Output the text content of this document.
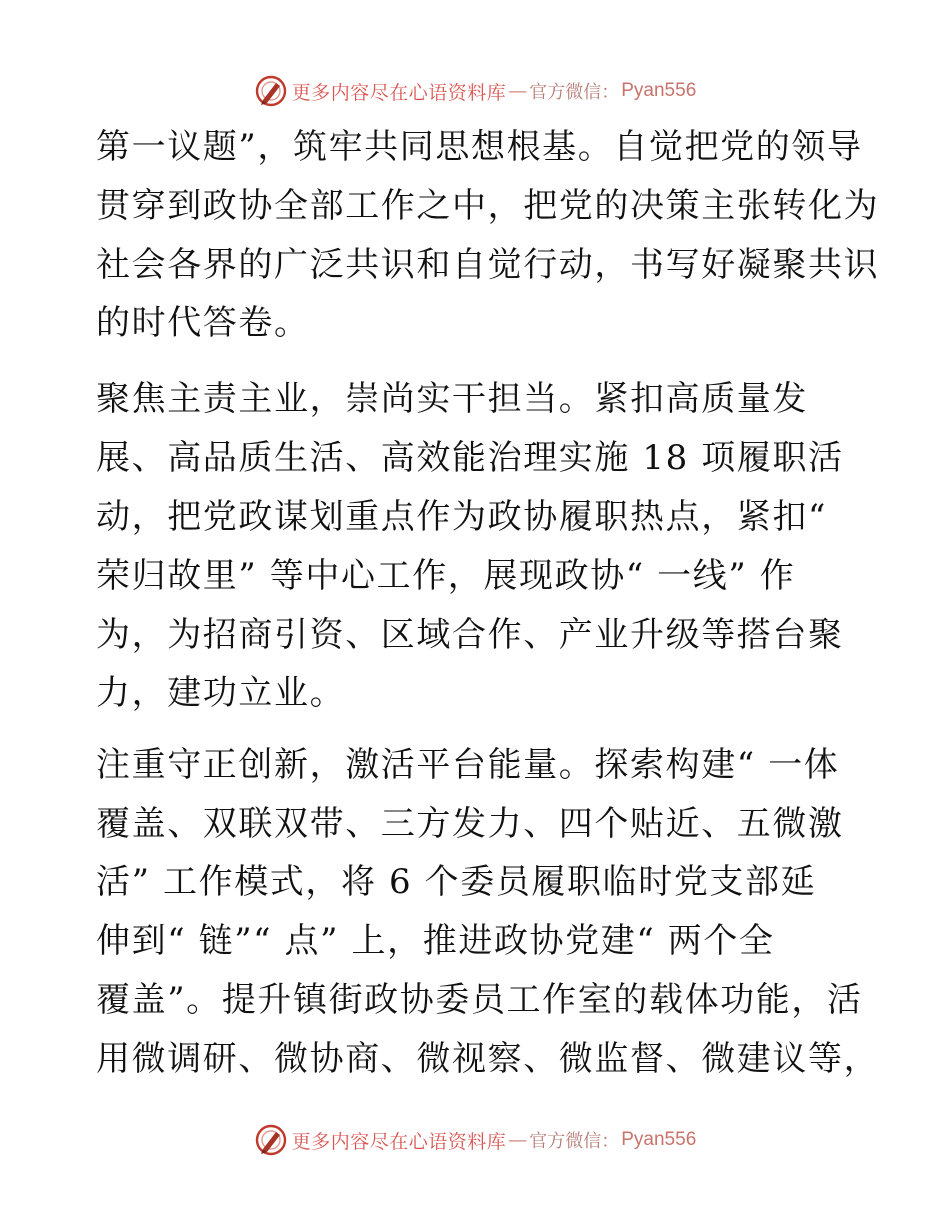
更多内容尽在心语资料库 — 官方微信： Pyan556
第一议题”，筑牢共同思想根基。自觉把党的领导
贯穿到政协全部工作之中，把党的决策主张转化为
社会各界的广泛共识和自觉行动，书写好凝聚共识
的时代答卷。
聚焦主责主业，崇尚实干担当。紧扣高质量发
展、高品质生活、高效能治理实施 18 项履职活
动，把党政谋划重点作为政协履职热点，紧扣“
荣归故里” 等中心工作，展现政协“ 一线” 作
为，为招商引资、区域合作、产业升级等搭台聚
力，建功立业。
注重守正创新，激活平台能量。探索构建“ 一体
覆盖、双联双带、三方发力、四个贴近、五微激
活” 工作模式，将 6 个委员履职临时党支部延
伸到“ 链”“ 点” 上，推进政协党建“ 两个全
覆盖”。提升镇街政协委员工作室的载体功能，活
用微调研、微协商、微视察、微监督、微建议等，
更多内容尽在心语资料库 — 官方微信： Pyan556
